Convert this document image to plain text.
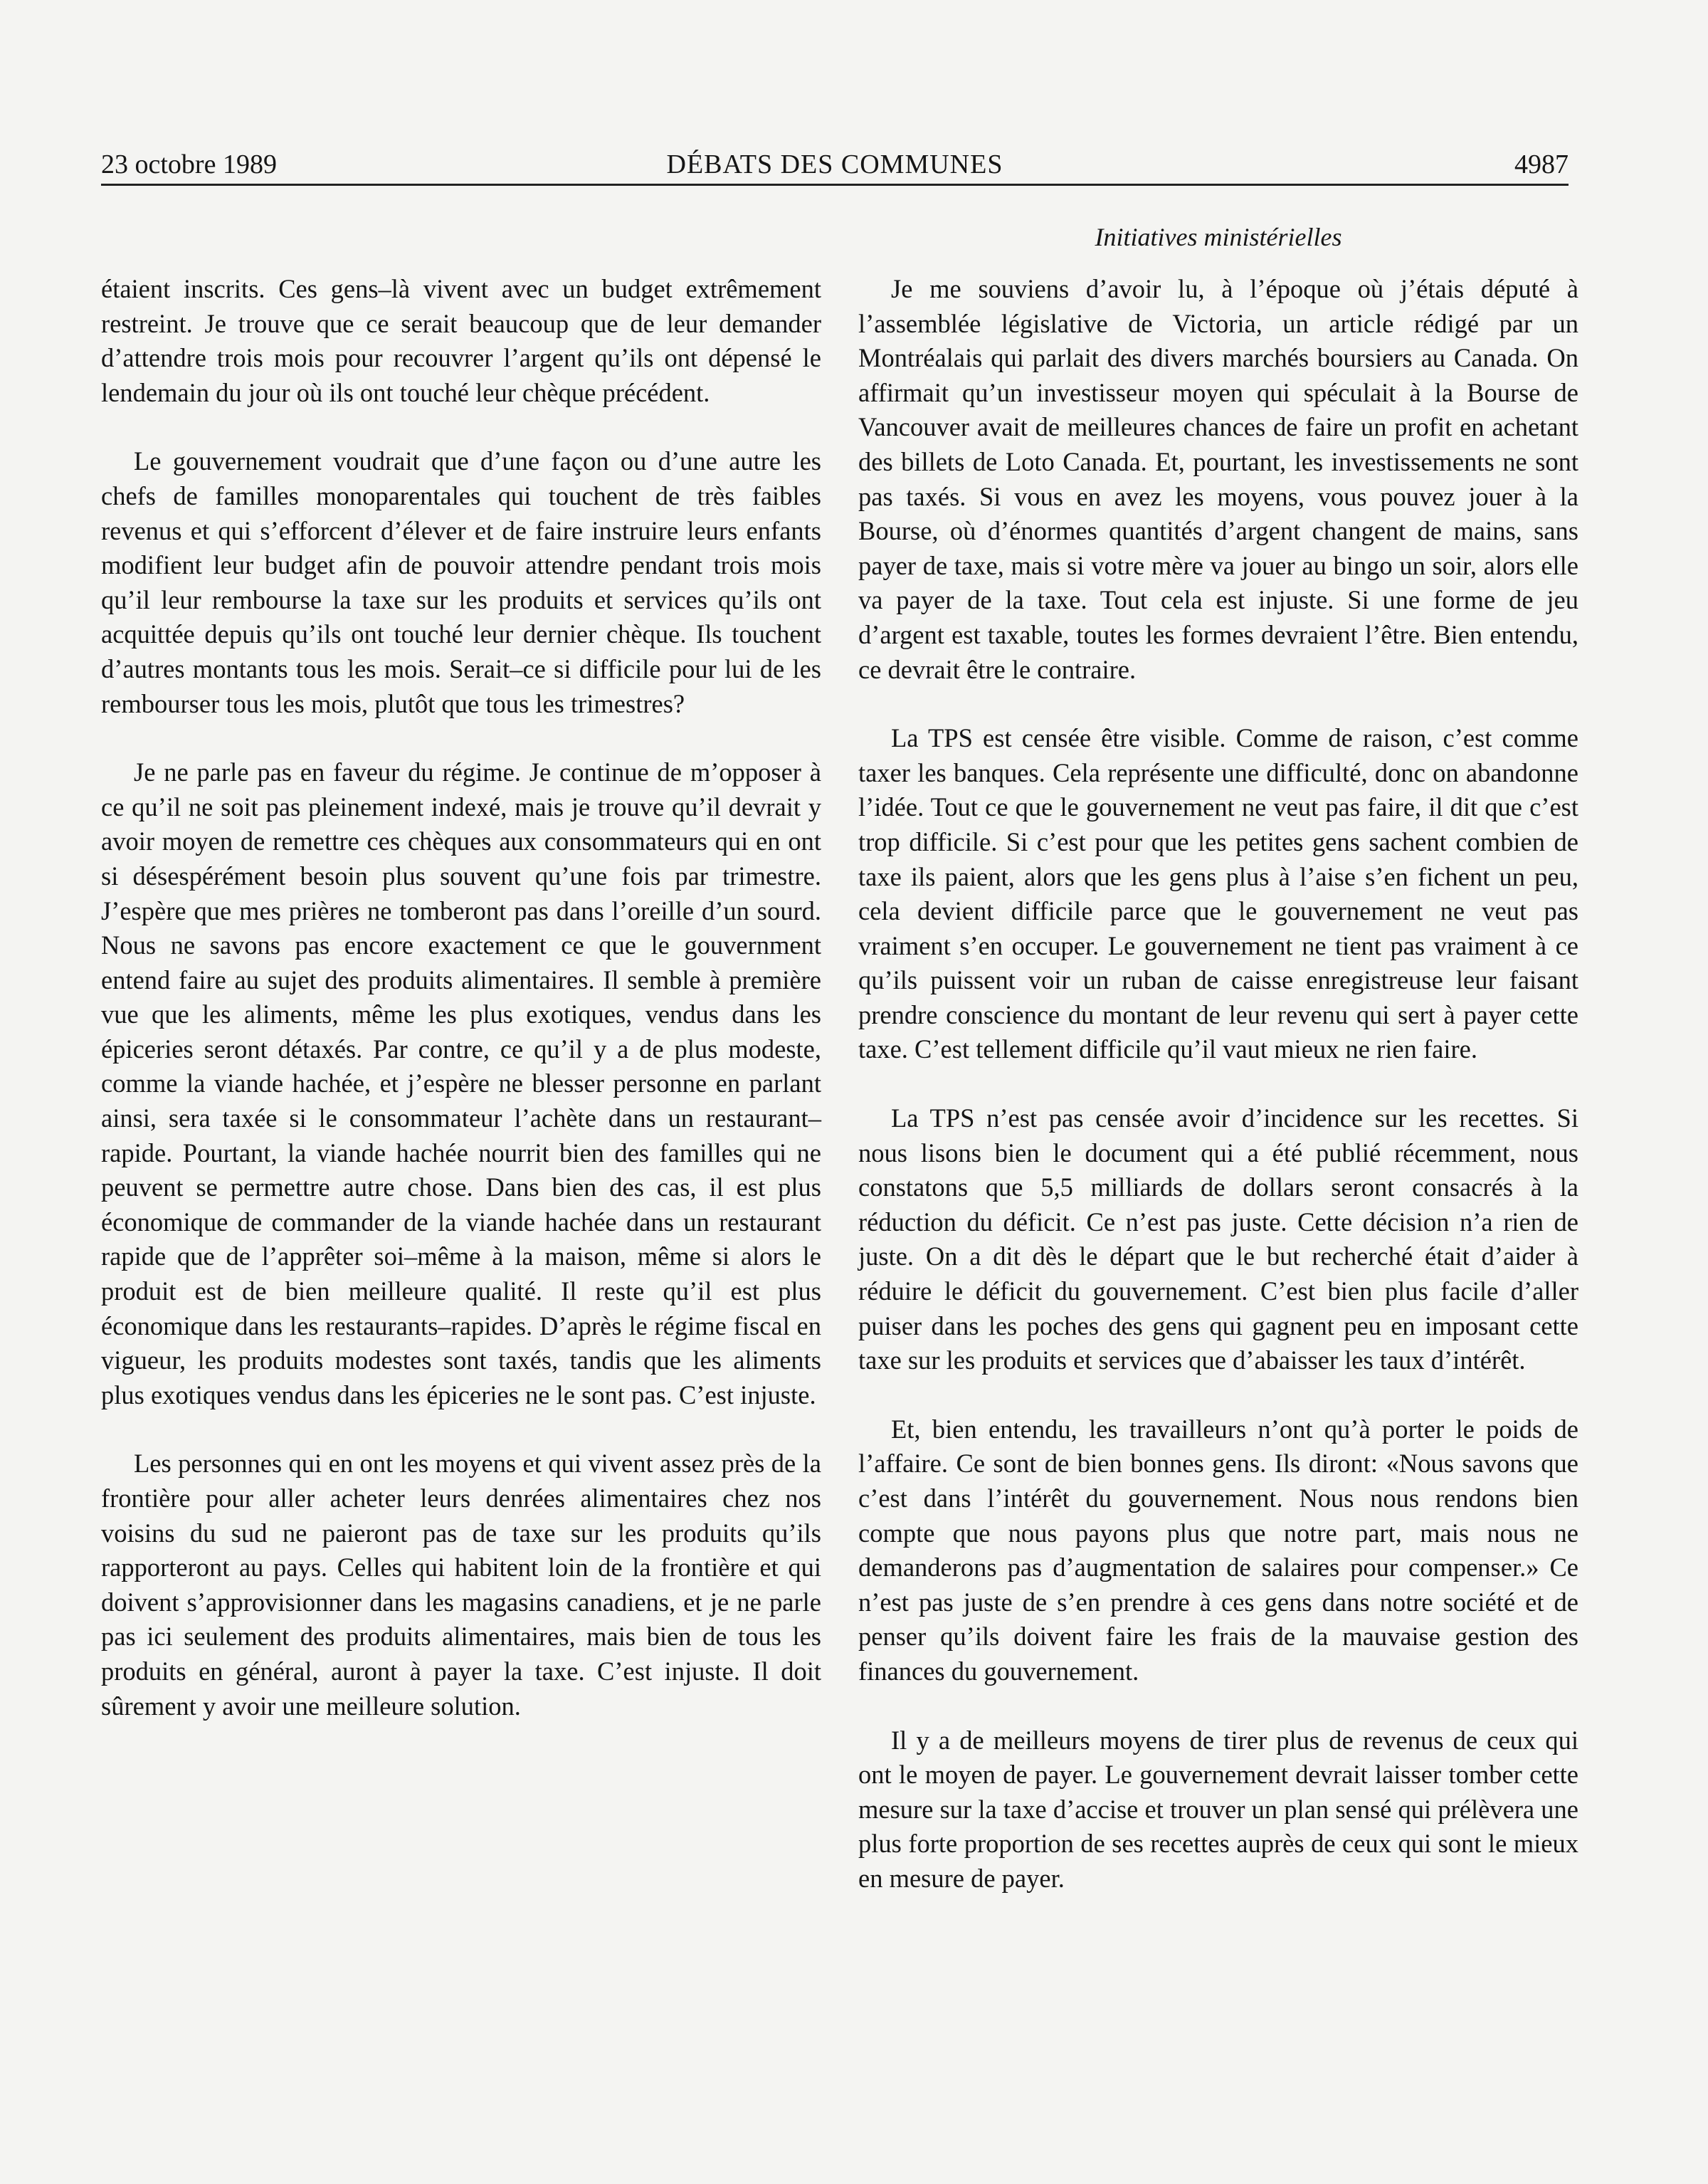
23 octobre 1989	DÉBATS DES COMMUNES	4987
Initiatives ministérielles

étaient inscrits. Ces gens–là vivent avec un budget extrêmement restreint. Je trouve que ce serait beaucoup que de leur demander d’attendre trois mois pour recouvrer l’argent qu’ils ont dépensé le lendemain du jour où ils ont touché leur chèque précédent.

Le gouvernement voudrait que d’une façon ou d’une autre les chefs de familles monoparentales qui touchent de très faibles revenus et qui s’efforcent d’élever et de faire instruire leurs enfants modifient leur budget afin de pouvoir attendre pendant trois mois qu’il leur rembourse la taxe sur les produits et services qu’ils ont acquittée depuis qu’ils ont touché leur dernier chèque. Ils touchent d’autres montants tous les mois. Serait–ce si difficile pour lui de les rembourser tous les mois, plutôt que tous les trimestres?

Je ne parle pas en faveur du régime. Je continue de m’opposer à ce qu’il ne soit pas pleinement indexé, mais je trouve qu’il devrait y avoir moyen de remettre ces chèques aux consommateurs qui en ont si désespérément besoin plus souvent qu’une fois par trimestre. J’espère que mes prières ne tomberont pas dans l’oreille d’un sourd. Nous ne savons pas encore exactement ce que le gouvernment entend faire au sujet des produits alimentaires. Il semble à première vue que les aliments, même les plus exotiques, vendus dans les épiceries seront détaxés. Par contre, ce qu’il y a de plus modeste, comme la viande hachée, et j’espère ne blesser personne en parlant ainsi, sera taxée si le consommateur l’achète dans un restaurant–rapide. Pourtant, la viande hachée nourrit bien des familles qui ne peuvent se permettre autre chose. Dans bien des cas, il est plus économique de commander de la viande hachée dans un restaurant rapide que de l’apprêter soi–même à la maison, même si alors le produit est de bien meilleure qualité. Il reste qu’il est plus économique dans les restaurants–rapides. D’après le régime fiscal en vigueur, les produits modestes sont taxés, tandis que les aliments plus exotiques vendus dans les épiceries ne le sont pas. C’est injuste.

Les personnes qui en ont les moyens et qui vivent assez près de la frontière pour aller acheter leurs denrées alimentaires chez nos voisins du sud ne paieront pas de taxe sur les produits qu’ils rapporteront au pays. Celles qui habitent loin de la frontière et qui doivent s’approvisionner dans les magasins canadiens, et je ne parle pas ici seulement des produits alimentaires, mais bien de tous les produits en général, auront à payer la taxe. C’est injuste. Il doit sûrement y avoir une meilleure solution.

Je me souviens d’avoir lu, à l’époque où j’étais député à l’assemblée législative de Victoria, un article rédigé par un Montréalais qui parlait des divers marchés boursiers au Canada. On affirmait qu’un investisseur moyen qui spéculait à la Bourse de Vancouver avait de meilleures chances de faire un profit en achetant des billets de Loto Canada. Et, pourtant, les investissements ne sont pas taxés. Si vous en avez les moyens, vous pouvez jouer à la Bourse, où d’énormes quantités d’argent changent de mains, sans payer de taxe, mais si votre mère va jouer au bingo un soir, alors elle va payer de la taxe. Tout cela est injuste. Si une forme de jeu d’argent est taxable, toutes les formes devraient l’être. Bien entendu, ce devrait être le contraire.

La TPS est censée être visible. Comme de raison, c’est comme taxer les banques. Cela représente une difficulté, donc on abandonne l’idée. Tout ce que le gouvernement ne veut pas faire, il dit que c’est trop difficile. Si c’est pour que les petites gens sachent combien de taxe ils paient, alors que les gens plus à l’aise s’en fichent un peu, cela devient difficile parce que le gouvernement ne veut pas vraiment s’en occuper. Le gouvernement ne tient pas vraiment à ce qu’ils puissent voir un ruban de caisse enregistreuse leur faisant prendre conscience du montant de leur revenu qui sert à payer cette taxe. C’est tellement difficile qu’il vaut mieux ne rien faire.

La TPS n’est pas censée avoir d’incidence sur les recettes. Si nous lisons bien le document qui a été publié récemment, nous constatons que 5,5 milliards de dollars seront consacrés à la réduction du déficit. Ce n’est pas juste. Cette décision n’a rien de juste. On a dit dès le départ que le but recherché était d’aider à réduire le déficit du gouvernement. C’est bien plus facile d’aller puiser dans les poches des gens qui gagnent peu en imposant cette taxe sur les produits et services que d’abaisser les taux d’intérêt.

Et, bien entendu, les travailleurs n’ont qu’à porter le poids de l’affaire. Ce sont de bien bonnes gens. Ils diront: «Nous savons que c’est dans l’intérêt du gouvernement. Nous nous rendons bien compte que nous payons plus que notre part, mais nous ne demanderons pas d’augmentation de salaires pour compenser.» Ce n’est pas juste de s’en prendre à ces gens dans notre société et de penser qu’ils doivent faire les frais de la mauvaise gestion des finances du gouvernement.

Il y a de meilleurs moyens de tirer plus de revenus de ceux qui ont le moyen de payer. Le gouvernement devrait laisser tomber cette mesure sur la taxe d’accise et trouver un plan sensé qui prélèvera une plus forte proportion de ses recettes auprès de ceux qui sont le mieux en mesure de payer.
